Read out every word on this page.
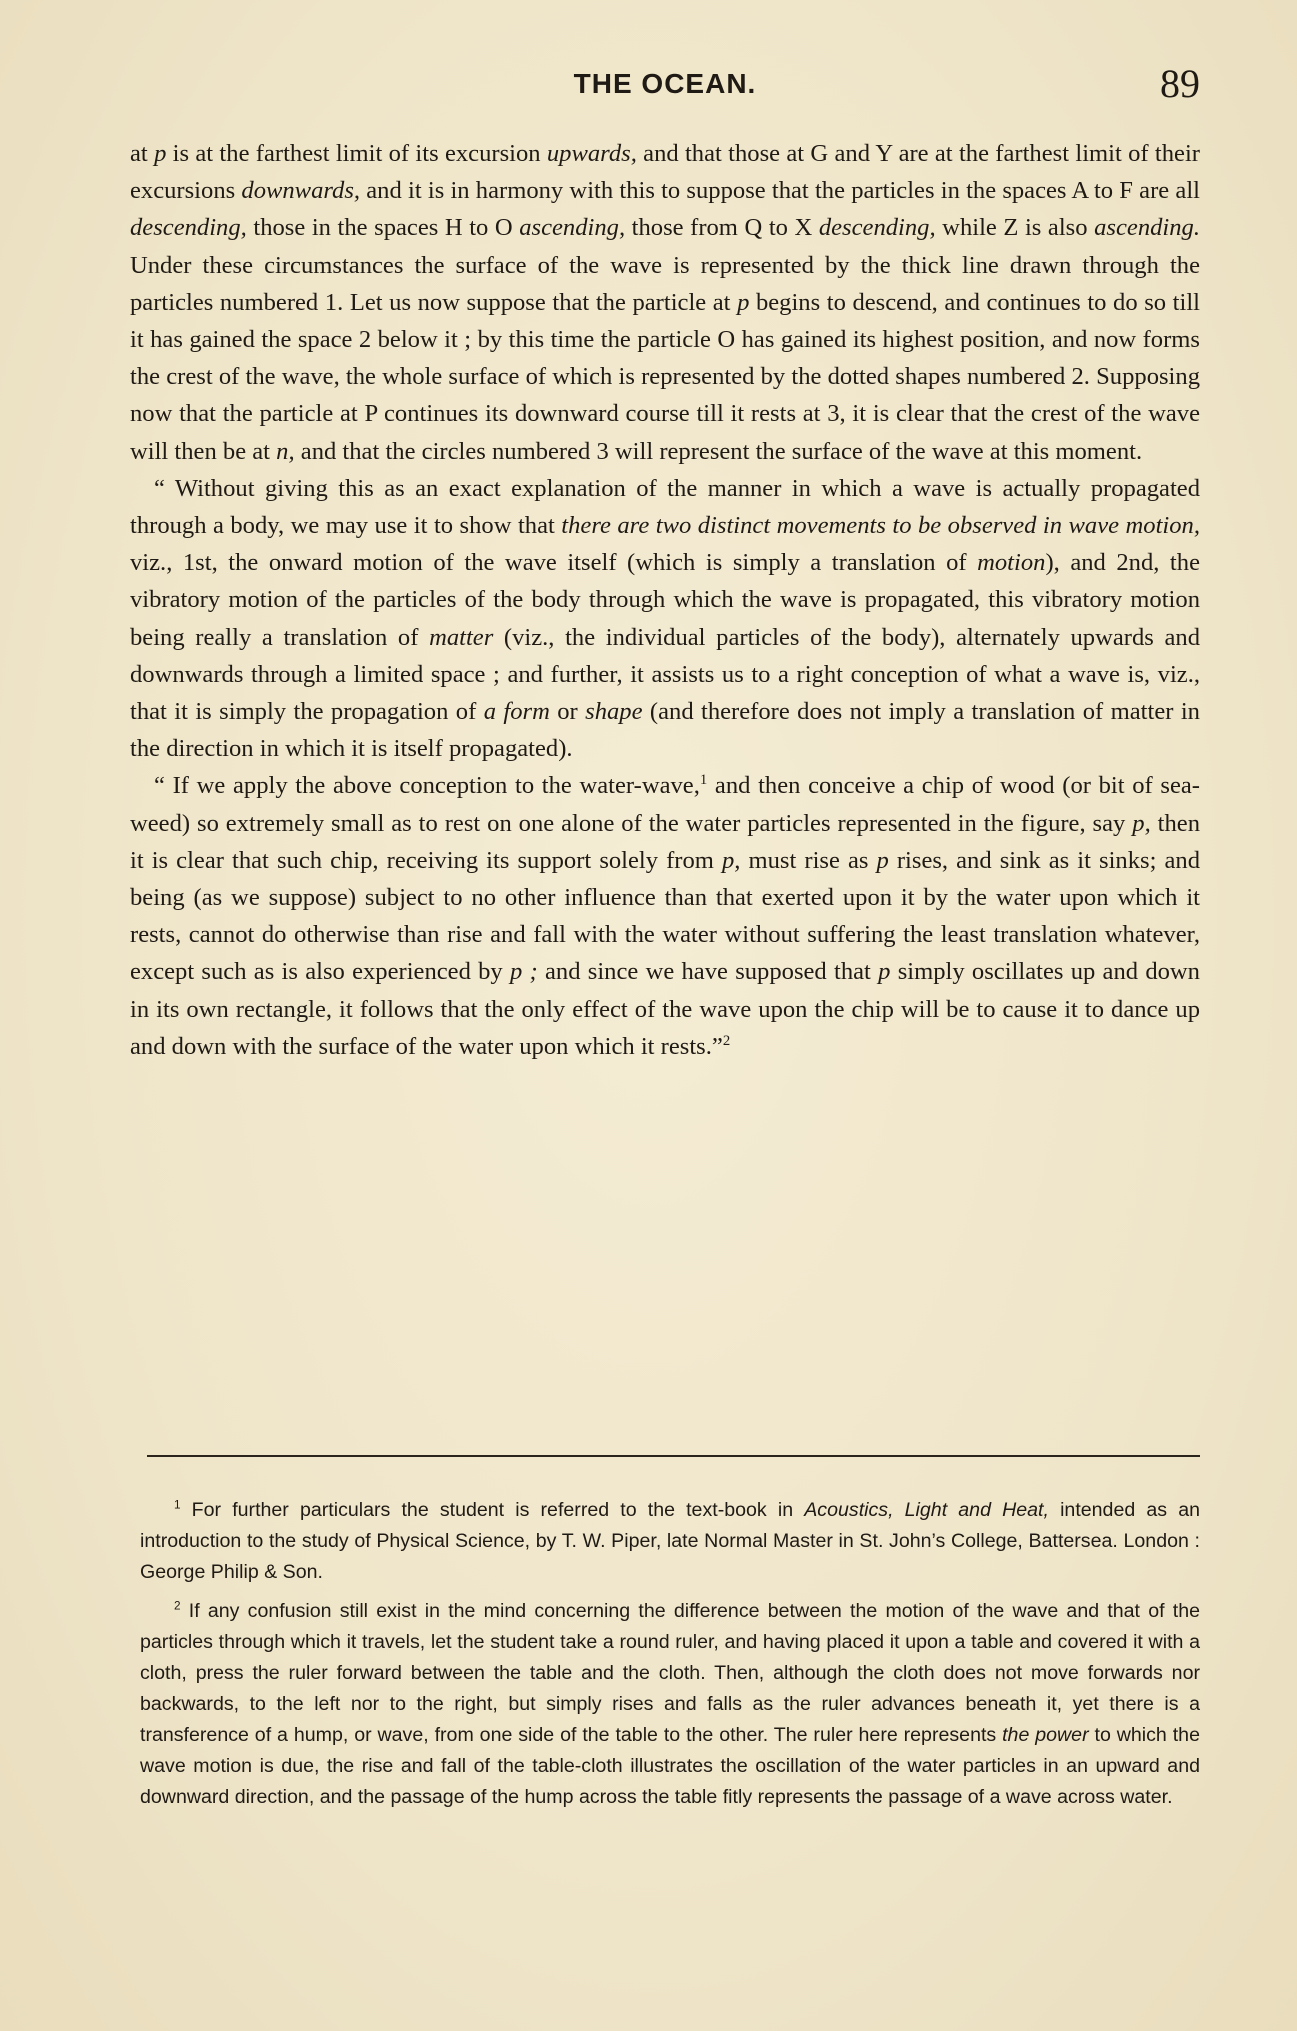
THE OCEAN.	89

at p is at the farthest limit of its excursion upwards, and that those at G and Y are at the farthest limit of their excursions downwards, and it is in harmony with this to suppose that the particles in the spaces A to F are all descending, those in the spaces H to O ascending, those from Q to X descending, while Z is also ascending. Under these circumstances the surface of the wave is represented by the thick line drawn through the particles numbered 1. Let us now suppose that the particle at p begins to descend, and continues to do so till it has gained the space 2 below it ; by this time the particle O has gained its highest position, and now forms the crest of the wave, the whole surface of which is represented by the dotted shapes numbered 2. Supposing now that the particle at P continues its downward course till it rests at 3, it is clear that the crest of the wave will then be at n, and that the circles numbered 3 will represent the surface of the wave at this moment.

“ Without giving this as an exact explanation of the manner in which a wave is actually propagated through a body, we may use it to show that there are two distinct movements to be observed in wave motion, viz., 1st, the onward motion of the wave itself (which is simply a translation of motion), and 2nd, the vibratory motion of the particles of the body through which the wave is propagated, this vibratory motion being really a translation of matter (viz., the individual particles of the body), alternately upwards and downwards through a limited space ; and further, it assists us to a right conception of what a wave is, viz., that it is simply the propagation of a form or shape (and therefore does not imply a translation of matter in the direction in which it is itself propagated).

“ If we apply the above conception to the water-wave,$^1$ and then conceive a chip of wood (or bit of sea-weed) so extremely small as to rest on one alone of the water particles represented in the figure, say p, then it is clear that such chip, receiving its support solely from p, must rise as p rises, and sink as it sinks; and being (as we suppose) subject to no other influence than that exerted upon it by the water upon which it rests, cannot do otherwise than rise and fall with the water without suffering the least translation whatever, except such as is also experienced by p ; and since we have supposed that p simply oscillates up and down in its own rectangle, it follows that the only effect of the wave upon the chip will be to cause it to dance up and down with the surface of the water upon which it rests.”$^2$

$^1$ For further particulars the student is referred to the text-book in Acoustics, Light and Heat, intended as an introduction to the study of Physical Science, by T. W. Piper, late Normal Master in St. John’s College, Battersea. London : George Philip & Son.

$^2$ If any confusion still exist in the mind concerning the difference between the motion of the wave and that of the particles through which it travels, let the student take a round ruler, and having placed it upon a table and covered it with a cloth, press the ruler forward between the table and the cloth. Then, although the cloth does not move forwards nor backwards, to the left nor to the right, but simply rises and falls as the ruler advances beneath it, yet there is a transference of a hump, or wave, from one side of the table to the other. The ruler here represents the power to which the wave motion is due, the rise and fall of the table-cloth illustrates the oscillation of the water particles in an upward and downward direction, and the passage of the hump across the table fitly represents the passage of a wave across water.
